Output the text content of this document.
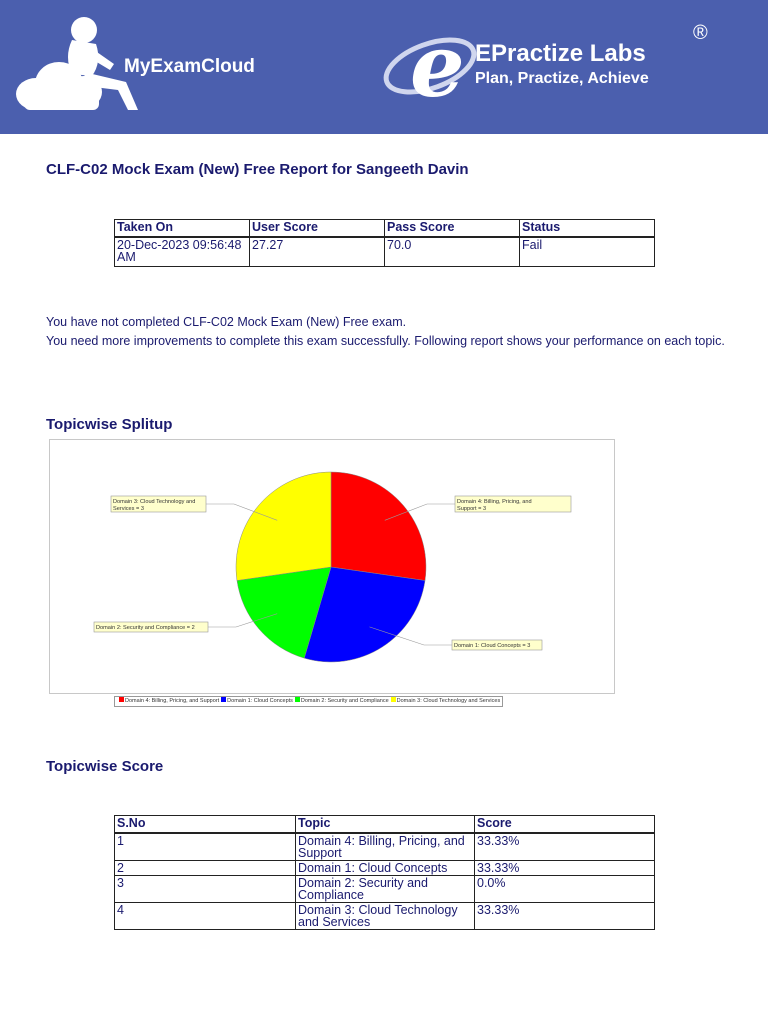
MyExamCloud e EPractize Labs
Plan, Practize, Achieve
®
CLF-C02 Mock Exam (New) Free Report for Sangeeth Davin
Taken On	User Score	Pass Score	Status
20-Dec-2023 09:56:48 AM	27.27	70.0	Fail
You have not completed CLF-C02 Mock Exam (New) Free exam.
You need more improvements to complete this exam successfully. Following report shows your performance on each topic.
Topicwise Splitup
Domain 4: Billing, Pricing, and Support = 3
Domain 1: Cloud Concepts = 3
Domain 2: Security and Compliance = 2
Domain 3: Cloud Technology and Services = 3
Domain 4: Billing, Pricing, and Support Domain 1: Cloud Concepts Domain 2: Security and Compliance Domain 3: Cloud Technology and Services
Topicwise Score
S.No	Topic	Score
1	Domain 4: Billing, Pricing, and Support	33.33%
2	Domain 1: Cloud Concepts	33.33%
3	Domain 2: Security and Compliance	0.0%
4	Domain 3: Cloud Technology and Services	33.33%
